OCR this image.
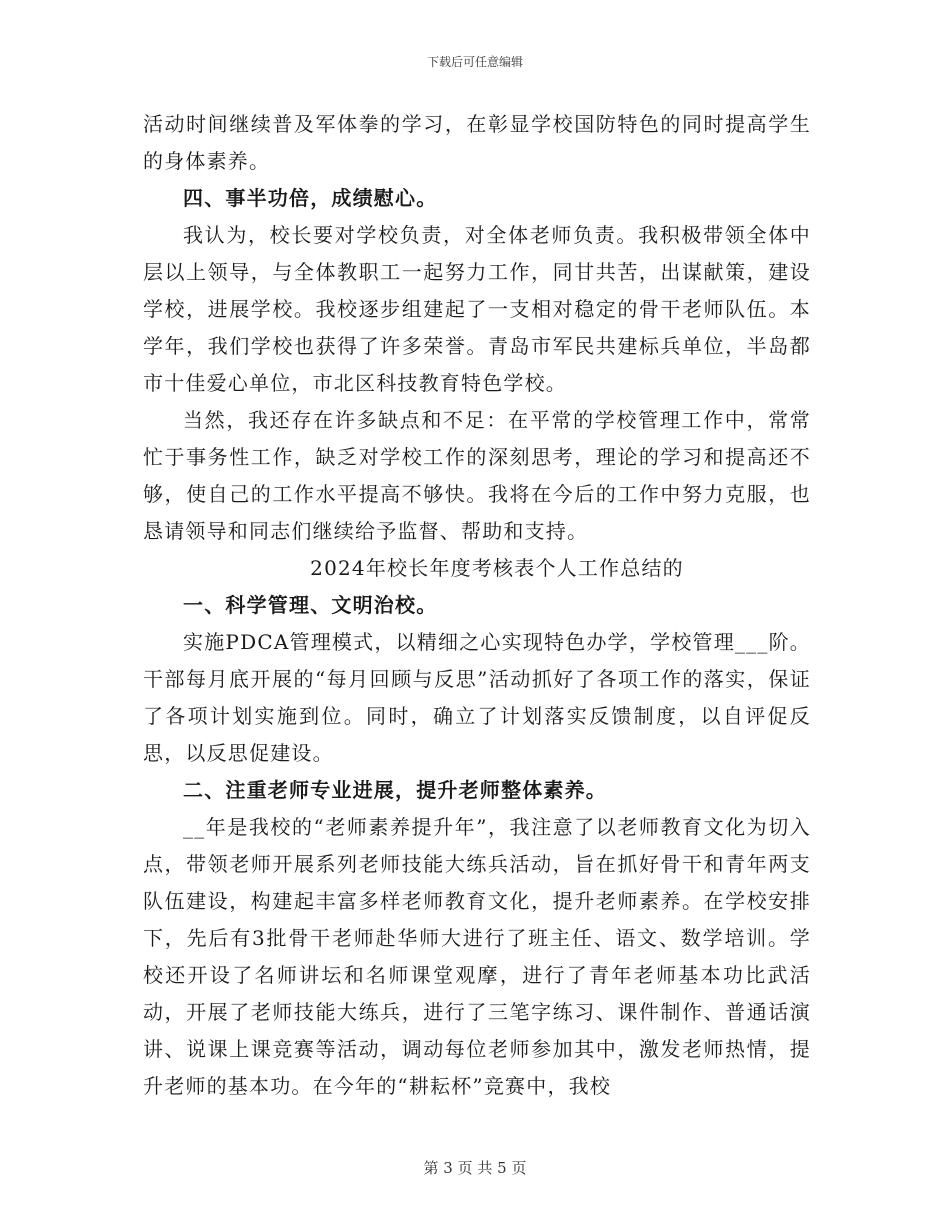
下载后可任意编辑

活动时间继续普及军体拳的学习，在彰显学校国防特色的同时提高学生的身体素养。

四、事半功倍，成绩慰心。

我认为，校长要对学校负责，对全体老师负责。我积极带领全体中层以上领导，与全体教职工一起努力工作，同甘共苦，出谋献策，建设学校，进展学校。我校逐步组建起了一支相对稳定的骨干老师队伍。本学年，我们学校也获得了许多荣誉。青岛市军民共建标兵单位，半岛都市十佳爱心单位，市北区科技教育特色学校。

当然，我还存在许多缺点和不足：在平常的学校管理工作中，常常忙于事务性工作，缺乏对学校工作的深刻思考，理论的学习和提高还不够，使自己的工作水平提高不够快。我将在今后的工作中努力克服，也恳请领导和同志们继续给予监督、帮助和支持。

2024年校长年度考核表个人工作总结的

一、科学管理、文明治校。

实施PDCA管理模式，以精细之心实现特色办学，学校管理___阶。干部每月底开展的“每月回顾与反思”活动抓好了各项工作的落实，保证了各项计划实施到位。同时，确立了计划落实反馈制度，以自评促反思，以反思促建设。

二、注重老师专业进展，提升老师整体素养。

__年是我校的“老师素养提升年”，我注意了以老师教育文化为切入点，带领老师开展系列老师技能大练兵活动，旨在抓好骨干和青年两支队伍建设，构建起丰富多样老师教育文化，提升老师素养。在学校安排下，先后有3批骨干老师赴华师大进行了班主任、语文、数学培训。学校还开设了名师讲坛和名师课堂观摩，进行了青年老师基本功比武活动，开展了老师技能大练兵，进行了三笔字练习、课件制作、普通话演讲、说课上课竞赛等活动，调动每位老师参加其中，激发老师热情，提升老师的基本功。在今年的“耕耘杯”竞赛中，我校

第 3 页 共 5 页
